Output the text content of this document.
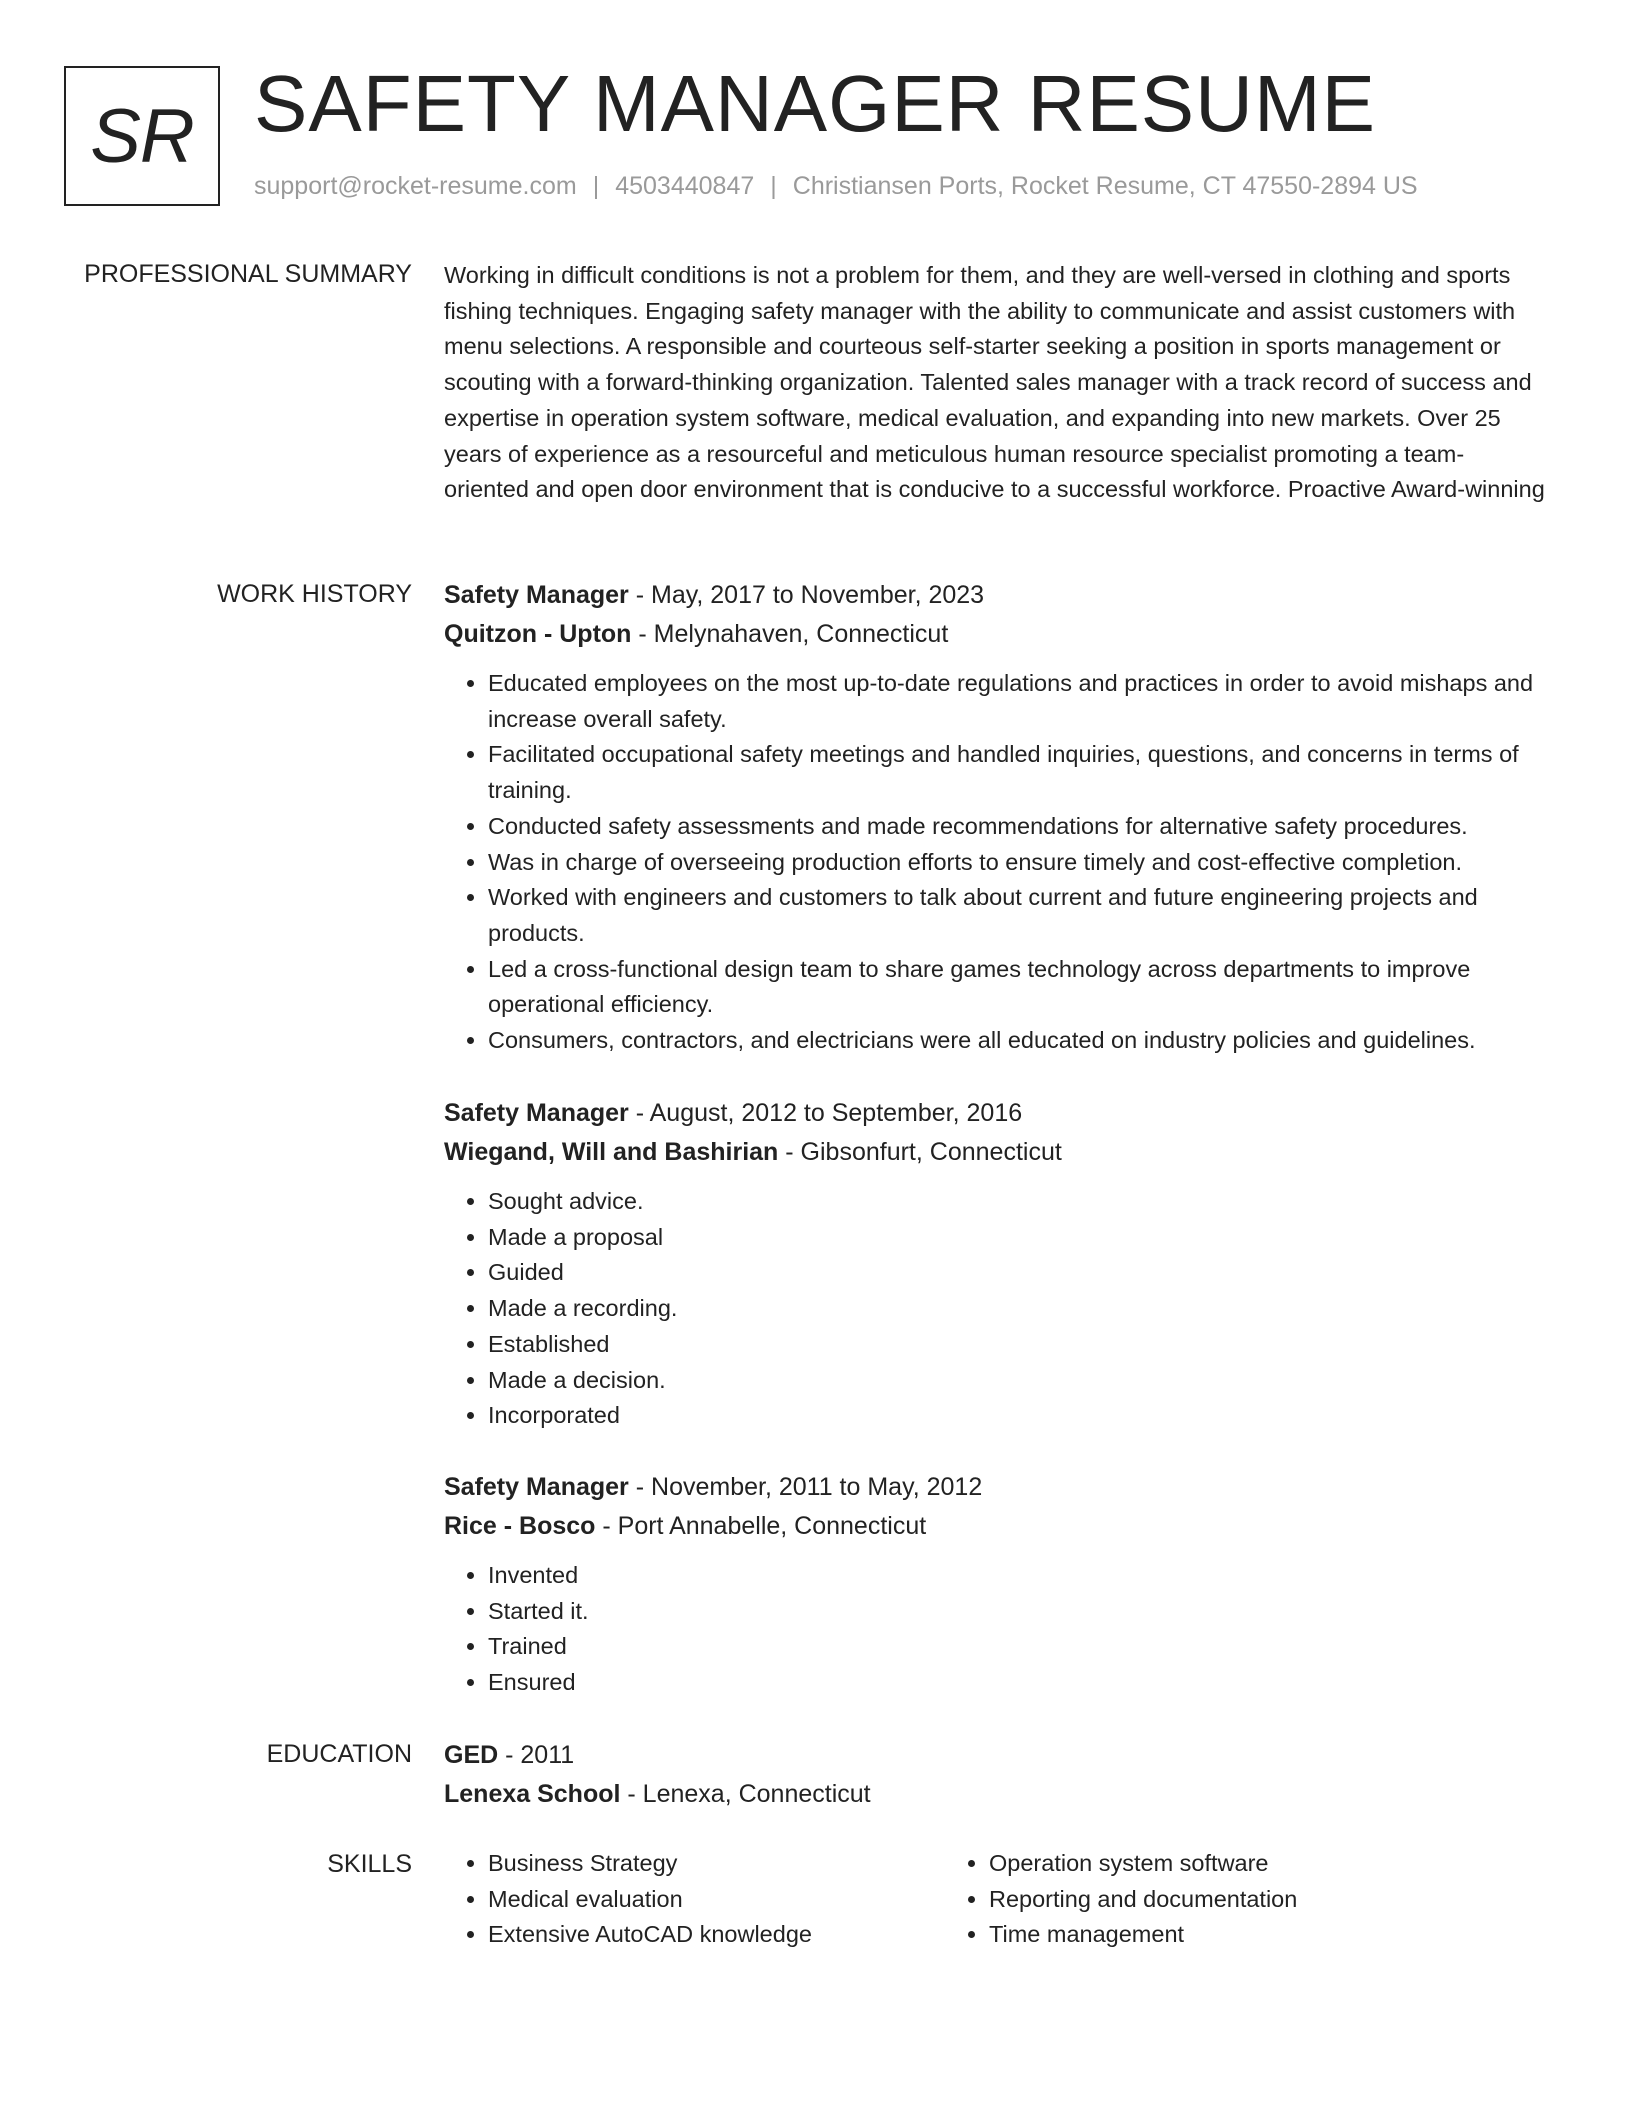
SR SAFETY MANAGER RESUME
support@rocket-resume.com | 4503440847 | Christiansen Ports, Rocket Resume, CT 47550-2894 US
PROFESSIONAL SUMMARY Working in difficult conditions is not a problem for them, and they are well-versed in clothing and sports fishing techniques. Engaging safety manager with the ability to communicate and assist customers with menu selections. A responsible and courteous self-starter seeking a position in sports management or scouting with a forward-thinking organization. Talented sales manager with a track record of success and expertise in operation system software, medical evaluation, and expanding into new markets. Over 25 years of experience as a resourceful and meticulous human resource specialist promoting a team-oriented and open door environment that is conducive to a successful workforce. Proactive Award-winning

WORK HISTORY Safety Manager - May, 2017 to November, 2023
Quitzon - Upton - Melynahaven, Connecticut
• Educated employees on the most up-to-date regulations and practices in order to avoid mishaps and increase overall safety.
• Facilitated occupational safety meetings and handled inquiries, questions, and concerns in terms of training.
• Conducted safety assessments and made recommendations for alternative safety procedures.
• Was in charge of overseeing production efforts to ensure timely and cost-effective completion.
• Worked with engineers and customers to talk about current and future engineering projects and products.
• Led a cross-functional design team to share games technology across departments to improve operational efficiency.
• Consumers, contractors, and electricians were all educated on industry policies and guidelines.
Safety Manager - August, 2012 to September, 2016
Wiegand, Will and Bashirian - Gibsonfurt, Connecticut
• Sought advice.
• Made a proposal
• Guided
• Made a recording.
• Established
• Made a decision.
• Incorporated
Safety Manager - November, 2011 to May, 2012
Rice - Bosco - Port Annabelle, Connecticut
• Invented
• Started it.
• Trained
• Ensured
EDUCATION GED - 2011
Lenexa School - Lenexa, Connecticut
SKILLS
•	Business Strategy
• Medical evaluation
• Extensive AutoCAD knowledge
• Operation system software
• Reporting and documentation
• Time management
